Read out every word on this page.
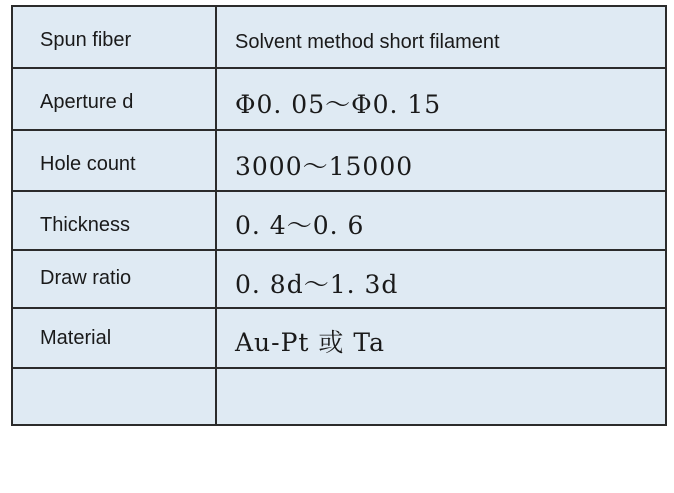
Spun fiber	Solvent method short filament
Aperture d	Φ0. 05～Φ0. 15
Hole count	3000～15000
Thickness	0. 4～0. 6
Draw ratio	0. 8d～1. 3d
Material	Au-Pt 或 Ta
